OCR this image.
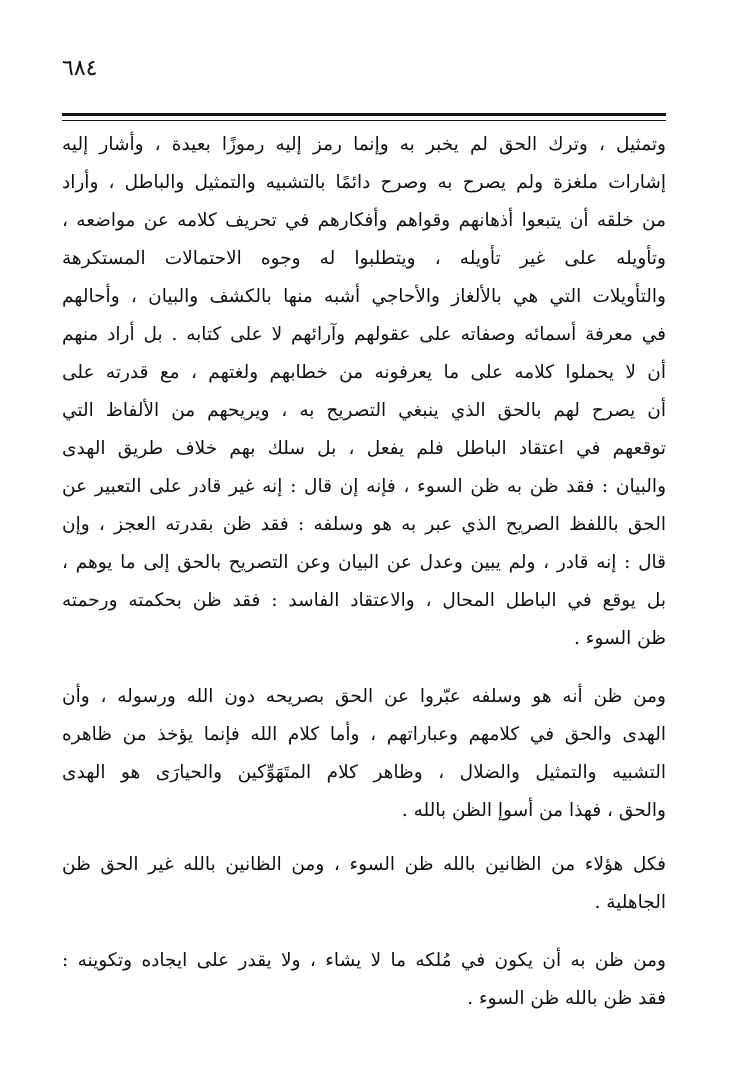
٦٨٤
وتمثيل ، وترك الحق لم يخبر به وإنما رمز إليه رموزًا بعيدة ، وأشار إليه
إشارات ملغزة ولم يصرح به وصرح دائمًا بالتشبيه والتمثيل والباطل ، وأراد
من خلقه أن يتبعوا أذهانهم وقواهم وأفكارهم في تحريف كلامه عن مواضعه ،
وتأويله على غير تأويله ، ويتطلبوا له وجوه الاحتمالات المستكرهة
والتأويلات التي هي بالألغاز والأحاجي أشبه منها بالكشف والبيان ، وأحالهم
في معرفة أسمائه وصفاته على عقولهم وآرائهم لا على كتابه . بل أراد منهم
أن لا يحملوا كلامه على ما يعرفونه من خطابهم ولغتهم ، مع قدرته على
أن يصرح لهم بالحق الذي ينبغي التصريح به ، ويريحهم من الألفاظ التي
توقعهم في اعتقاد الباطل فلم يفعل ، بل سلك بهم خلاف طريق الهدى
والبيان : فقد ظن به ظن السوء ، فإنه إن قال : إنه غير قادر على التعبير عن
الحق باللفظ الصريح الذي عبر به هو وسلفه : فقد ظن بقدرته العجز ، وإن
قال : إنه قادر ، ولم يبين وعدل عن البيان وعن التصريح بالحق إلى ما يوهم ،
بل يوقع في الباطل المحال ، والاعتقاد الفاسد : فقد ظن بحكمته ورحمته
ظن السوء .
ومن ظن أنه هو وسلفه عبّروا عن الحق بصريحه دون الله ورسوله ، وأن
الهدى والحق في كلامهم وعباراتهم ، وأما كلام الله فإنما يؤخذ من ظاهره
التشبيه والتمثيل والضلال ، وظاهر كلام المتَهَوِّكين والحيارَى هو الهدى
والحق ، فهذا من أسوإ الظن بالله .
فكل هؤلاء من الظانين بالله ظن السوء ، ومن الظانين بالله غير الحق ظن
الجاهلية .
ومن ظن به أن يكون في مُلكه ما لا يشاء ، ولا يقدر على ايجاده وتكوينه :
فقد ظن بالله ظن السوء .
